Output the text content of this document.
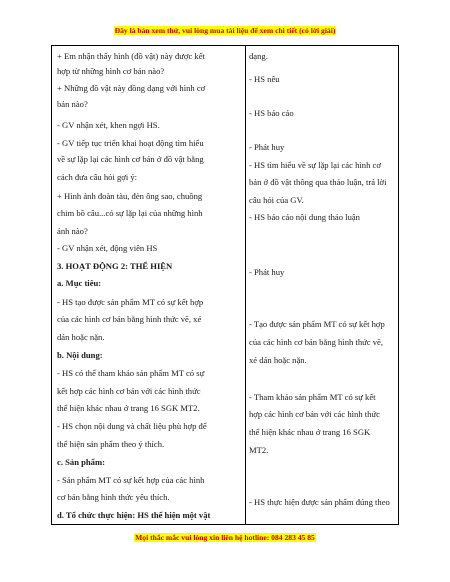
Đây là bản xem thử, vui lòng mua tài liệu để xem chi tiết (có lời giải)
+ Em nhận thấy hình (đồ vật) này được kết
hợp từ những hình cơ bản nào?
+ Những đồ vật này đồng dạng với hình cơ
bản nào?
- GV nhận xét, khen ngợi HS.
- GV tiếp tục triển khai hoạt động tìm hiểu
về sự lặp lại các hình cơ bản ở đồ vật bằng
cách đưa câu hỏi gợi ý:
+ Hình ảnh đoàn tàu, đèn ông sao, chuồng
chim bồ câu...có sự lặp lại của những hình
ảnh nào?
- GV nhận xét, động viên HS
3. HOẠT ĐỘNG 2: THỂ HIỆN
a. Mục tiêu:
- HS tạo được sản phẩm MT có sự kết hợp
của các hình cơ bản bằng hình thức vẽ, xé
dán hoặc nặn.
b. Nội dung:
- HS có thể tham khảo sản phẩm MT có sự
kết hợp các hình cơ bản với các hình thức
thể hiện khác nhau ở trang 16 SGK MT2.
- HS chọn nội dung và chất liệu phù hợp để
thể hiện sản phẩm theo ý thích.
c. Sản phẩm:
- Sản phẩm MT có sự kết hợp của các hình
cơ bản bằng hình thức yêu thích.
d. Tổ chức thực hiện: HS thể hiện một vật
dạng.
- HS nêu
- HS báo cáo
- Phát huy
- HS tìm hiểu về sự lặp lại các hình cơ
bản ở đồ vật thông qua thảo luận, trả lời
câu hỏi của GV.
- HS báo cáo nội dung thảo luận
- Phát huy
- Tạo được sản phẩm MT có sự kết hợp
của các hình cơ bản bằng hình thức vẽ,
xé dán hoặc nặn.
- Tham khảo sản phẩm MT có sự kết
hợp các hình cơ bản với các hình thức
thể hiện khác nhau ở trang 16 SGK
MT2.
- HS thực hiện được sản phẩm đúng theo
Mọi thắc mắc vui lòng xin liên hệ hotline: 084 283 45 85
